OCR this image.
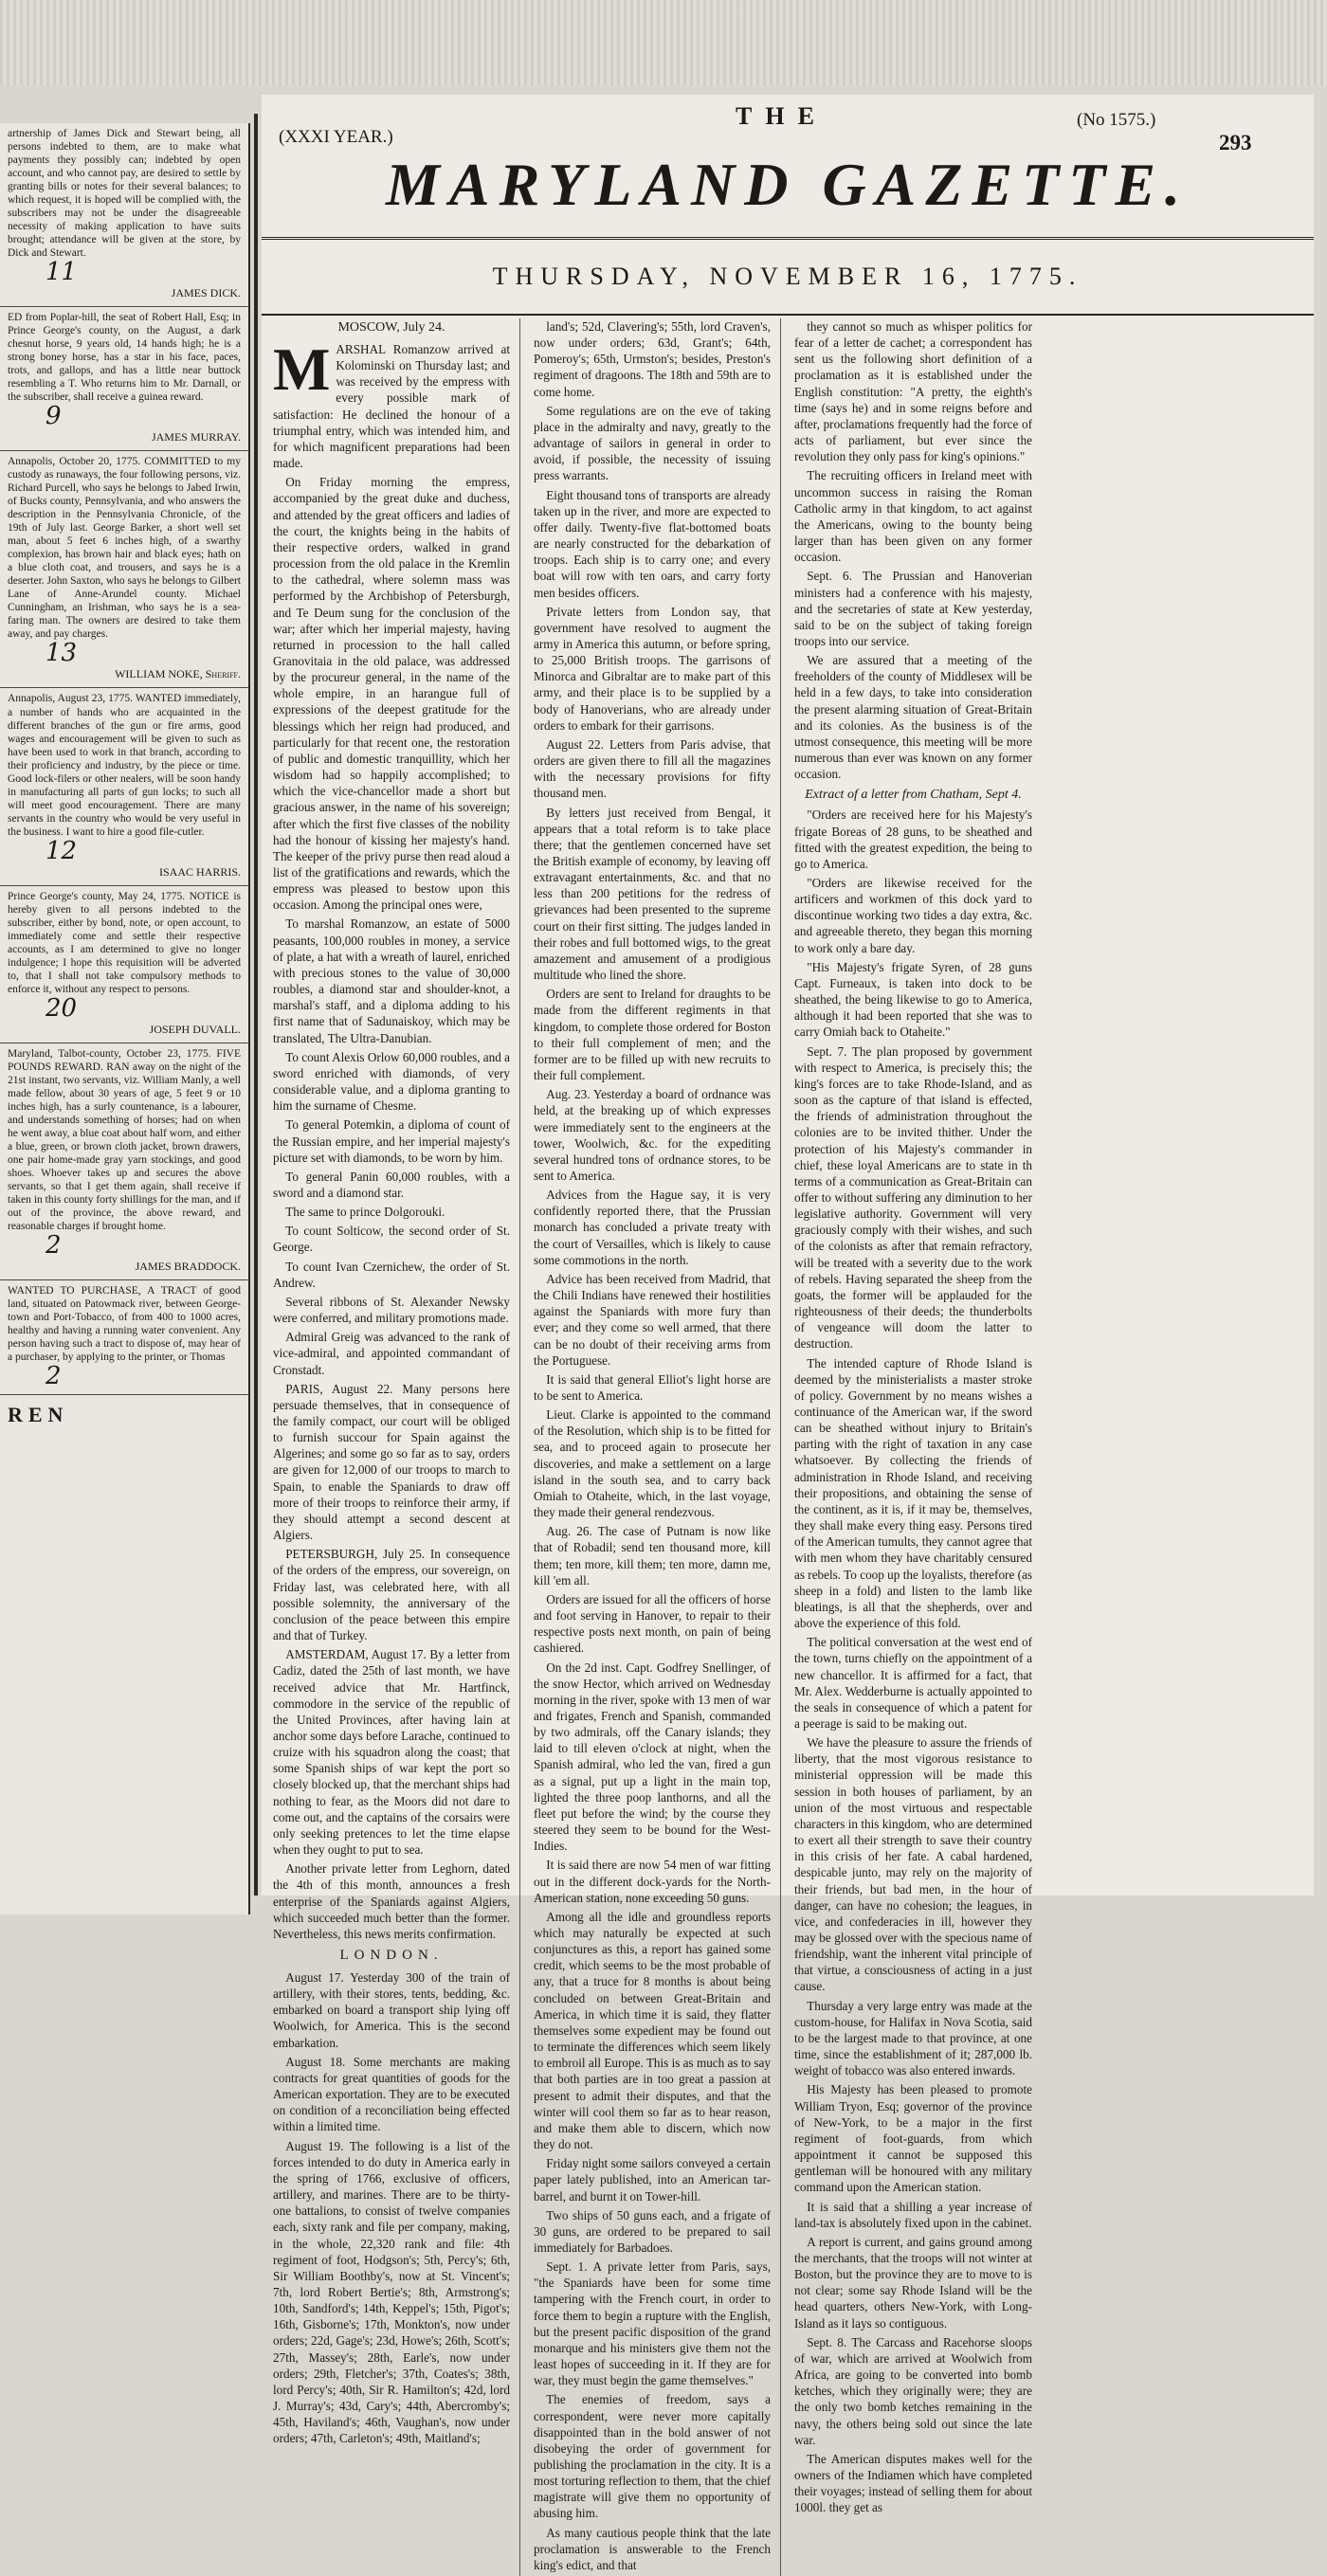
artnership of James Dick and Stewart being, all persons indebted to them, are to make what payments they possibly can; indebted by open account, and who cannot pay, are desired to settle by granting bills or notes for their several balances; to which request, it is hoped will be complied with, the subscribers may not be under the disagreeable necessity of making application to have suits brought; attendance will be given at the store, by Dick and Stewart.

11

JAMES DICK.

ED from Poplar-hill, the seat of Robert Hall, Esq; in Prince George's county, on the August, a dark chesnut horse, 9 years old, 14 hands high; he is a strong boney horse, has a star in his face, paces, trots, and gallops, and has a little near buttock resembling a T. Who returns him to Mr. Darnall, or the subscriber, shall receive a guinea reward.

9

JAMES MURRAY.

Annapolis, October 20, 1775. COMMITTED to my custody as runaways, the four following persons, viz. Richard Purcell, who says he belongs to Jabed Irwin, of Bucks county, Pennsylvania, and who answers the description in the Pennsylvania Chronicle, of the 19th of July last. George Barker, a short well set man, about 5 feet 6 inches high, of a swarthy complexion, has brown hair and black eyes; hath on a blue cloth coat, and trousers, and says he is a deserter. John Saxton, who says he belongs to Gilbert Lane of Anne-Arundel county. Michael Cunningham, an Irishman, who says he is a sea-faring man. The owners are desired to take them away, and pay charges.

13

WILLIAM NOKE, Sheriff.

Annapolis, August 23, 1775. WANTED immediately, a number of hands who are acquainted in the different branches of the gun or fire arms, good wages and encouragement will be given to such as have been used to work in that branch, according to their proficiency and industry, by the piece or time. Good lock-filers or other nealers, will be soon handy in manufacturing all parts of gun locks; to such all will meet good encouragement. There are many servants in the country who would be very useful in the business. I want to hire a good file-cutler.

12

ISAAC HARRIS.

Prince George's county, May 24, 1775. NOTICE is hereby given to all persons indebted to the subscriber, either by bond, note, or open account, to immediately come and settle their respective accounts, as I am determined to give no longer indulgence; I hope this requisition will be adverted to, that I shall not take compulsory methods to enforce it, without any respect to persons.

20

JOSEPH DUVALL.

Maryland, Talbot-county, October 23, 1775. FIVE POUNDS REWARD. RAN away on the night of the 21st instant, two servants, viz. William Manly, a well made fellow, about 30 years of age, 5 feet 9 or 10 inches high, has a surly countenance, is a labourer, and understands something of horses; had on when he went away, a blue coat about half worn, and either a blue, green, or brown cloth jacket, brown drawers, one pair home-made gray yarn stockings, and good shoes. Whoever takes up and secures the above servants, so that I get them again, shall receive if taken in this county forty shillings for the man, and if out of the province, the above reward, and reasonable charges if brought home.

2

JAMES BRADDOCK.

WANTED TO PURCHASE, A TRACT of good land, situated on Patowmack river, between George-town and Port-Tobacco, of from 400 to 1000 acres, healthy and having a running water convenient. Any person having such a tract to dispose of, may hear of a purchaser, by applying to the printer, or Thomas

2

REN
(XXXI YEAR.)
THE	(No 1575.)
293
MARYLAND GAZETTE.
THURSDAY, NOVEMBER 16, 1775.
MOSCOW, July 24.

MARSHAL Romanzow arrived at Kolominski on Thursday last; and was received by the empress with every possible mark of satisfaction: He declined the honour of a triumphal entry, which was intended him, and for which magnificent preparations had been made.

On Friday morning the empress, accompanied by the great duke and duchess, and attended by the great officers and ladies of the court, the knights being in the habits of their respective orders, walked in grand procession from the old palace in the Kremlin to the cathedral, where solemn mass was performed by the Archbishop of Petersburgh, and Te Deum sung for the conclusion of the war; after which her imperial majesty, having returned in procession to the hall called Granovitaia in the old palace, was addressed by the procureur general, in the name of the whole empire, in an harangue full of expressions of the deepest gratitude for the blessings which her reign had produced, and particularly for that recent one, the restoration of public and domestic tranquillity, which her wisdom had so happily accomplished; to which the vice-chancellor made a short but gracious answer, in the name of his sovereign; after which the first five classes of the nobility had the honour of kissing her majesty's hand. The keeper of the privy purse then read aloud a list of the gratifications and rewards, which the empress was pleased to bestow upon this occasion. Among the principal ones were,

To marshal Romanzow, an estate of 5000 peasants, 100,000 roubles in money, a service of plate, a hat with a wreath of laurel, enriched with precious stones to the value of 30,000 roubles, a diamond star and shoulder-knot, a marshal's staff, and a diploma adding to his first name that of Sadunaiskoy, which may be translated, The Ultra-Danubian.

To count Alexis Orlow 60,000 roubles, and a sword enriched with diamonds, of very considerable value, and a diploma granting to him the surname of Chesme.

To general Potemkin, a diploma of count of the Russian empire, and her imperial majesty's picture set with diamonds, to be worn by him.

To general Panin 60,000 roubles, with a sword and a diamond star.

The same to prince Dolgorouki.

To count Solticow, the second order of St. George.

To count Ivan Czernichew, the order of St. Andrew.

Several ribbons of St. Alexander Newsky were conferred, and military promotions made.

Admiral Greig was advanced to the rank of vice-admiral, and appointed commandant of Cronstadt.

PARIS, August 22. Many persons here persuade themselves, that in consequence of the family compact, our court will be obliged to furnish succour for Spain against the Algerines; and some go so far as to say, orders are given for 12,000 of our troops to march to Spain, to enable the Spaniards to draw off more of their troops to reinforce their army, if they should attempt a second descent at Algiers.

PETERSBURGH, July 25. In consequence of the orders of the empress, our sovereign, on Friday last, was celebrated here, with all possible solemnity, the anniversary of the conclusion of the peace between this empire and that of Turkey.

AMSTERDAM, August 17. By a letter from Cadiz, dated the 25th of last month, we have received advice that Mr. Hartfinck, commodore in the service of the republic of the United Provinces, after having lain at anchor some days before Larache, continued to cruize with his squadron along the coast; that some Spanish ships of war kept the port so closely blocked up, that the merchant ships had nothing to fear, as the Moors did not dare to come out, and the captains of the corsairs were only seeking pretences to let the time elapse when they ought to put to sea.

Another private letter from Leghorn, dated the 4th of this month, announces a fresh enterprise of the Spaniards against Algiers, which succeeded much better than the former. Nevertheless, this news merits confirmation.

LONDON.

August 17. Yesterday 300 of the train of artillery, with their stores, tents, bedding, &c. embarked on board a transport ship lying off Woolwich, for America. This is the second embarkation.

August 18. Some merchants are making contracts for great quantities of goods for the American exportation. They are to be executed on condition of a reconciliation being effected within a limited time.

August 19. The following is a list of the forces intended to do duty in America early in the spring of 1766, exclusive of officers, artillery, and marines. There are to be thirty-one battalions, to consist of twelve companies each, sixty rank and file per company, making, in the whole, 22,320 rank and file: 4th regiment of foot, Hodgson's; 5th, Percy's; 6th, Sir William Boothby's, now at St. Vincent's; 7th, lord Robert Bertie's; 8th, Armstrong's; 10th, Sandford's; 14th, Keppel's; 15th, Pigot's; 16th, Gisborne's; 17th, Monkton's, now under orders; 22d, Gage's; 23d, Howe's; 26th, Scott's; 27th, Massey's; 28th, Earle's, now under orders; 29th, Fletcher's; 37th, Coates's; 38th, lord Percy's; 40th, Sir R. Hamilton's; 42d, lord J. Murray's; 43d, Cary's; 44th, Abercromby's; 45th, Haviland's; 46th, Vaughan's, now under orders; 47th, Carleton's; 49th, Maitland's;

land's; 52d, Clavering's; 55th, lord Craven's, now under orders; 63d, Grant's; 64th, Pomeroy's; 65th, Urmston's; besides, Preston's regiment of dragoons. The 18th and 59th are to come home.

Some regulations are on the eve of taking place in the admiralty and navy, greatly to the advantage of sailors in general in order to avoid, if possible, the necessity of issuing press warrants.

Eight thousand tons of transports are already taken up in the river, and more are expected to offer daily. Twenty-five flat-bottomed boats are nearly constructed for the debarkation of troops. Each ship is to carry one; and every boat will row with ten oars, and carry forty men besides officers.

Private letters from London say, that government have resolved to augment the army in America this autumn, or before spring, to 25,000 British troops. The garrisons of Minorca and Gibraltar are to make part of this army, and their place is to be supplied by a body of Hanoverians, who are already under orders to embark for their garrisons.

August 22. Letters from Paris advise, that orders are given there to fill all the magazines with the necessary provisions for fifty thousand men.

By letters just received from Bengal, it appears that a total reform is to take place there; that the gentlemen concerned have set the British example of economy, by leaving off extravagant entertainments, &c. and that no less than 200 petitions for the redress of grievances had been presented to the supreme court on their first sitting. The judges landed in their robes and full bottomed wigs, to the great amazement and amusement of a prodigious multitude who lined the shore.

Orders are sent to Ireland for draughts to be made from the different regiments in that kingdom, to complete those ordered for Boston to their full complement of men; and the former are to be filled up with new recruits to their full complement.

Aug. 23. Yesterday a board of ordnance was held, at the breaking up of which expresses were immediately sent to the engineers at the tower, Woolwich, &c. for the expediting several hundred tons of ordnance stores, to be sent to America.

Advices from the Hague say, it is very confidently reported there, that the Prussian monarch has concluded a private treaty with the court of Versailles, which is likely to cause some commotions in the north.

Advice has been received from Madrid, that the Chili Indians have renewed their hostilities against the Spaniards with more fury than ever; and they come so well armed, that there can be no doubt of their receiving arms from the Portuguese.

It is said that general Elliot's light horse are to be sent to America.

Lieut. Clarke is appointed to the command of the Resolution, which ship is to be fitted for sea, and to proceed again to prosecute her discoveries, and make a settlement on a large island in the south sea, and to carry back Omiah to Otaheite, which, in the last voyage, they made their general rendezvous.

Aug. 26. The case of Putnam is now like that of Robadil; send ten thousand more, kill them; ten more, kill them; ten more, damn me, kill 'em all.

Orders are issued for all the officers of horse and foot serving in Hanover, to repair to their respective posts next month, on pain of being cashiered.

On the 2d inst. Capt. Godfrey Snellinger, of the snow Hector, which arrived on Wednesday morning in the river, spoke with 13 men of war and frigates, French and Spanish, commanded by two admirals, off the Canary islands; they laid to till eleven o'clock at night, when the Spanish admiral, who led the van, fired a gun as a signal, put up a light in the main top, lighted the three poop lanthorns, and all the fleet put before the wind; by the course they steered they seem to be bound for the West-Indies.

It is said there are now 54 men of war fitting out in the different dock-yards for the North-American station, none exceeding 50 guns.

Among all the idle and groundless reports which may naturally be expected at such conjunctures as this, a report has gained some credit, which seems to be the most probable of any, that a truce for 8 months is about being concluded on between Great-Britain and America, in which time it is said, they flatter themselves some expedient may be found out to terminate the differences which seem likely to embroil all Europe. This is as much as to say that both parties are in too great a passion at present to admit their disputes, and that the winter will cool them so far as to hear reason, and make them able to discern, which now they do not.

Friday night some sailors conveyed a certain paper lately published, into an American tar-barrel, and burnt it on Tower-hill.

Two ships of 50 guns each, and a frigate of 30 guns, are ordered to be prepared to sail immediately for Barbadoes.

Sept. 1. A private letter from Paris, says, "the Spaniards have been for some time tampering with the French court, in order to force them to begin a rupture with the English, but the present pacific disposition of the grand monarque and his ministers give them not the least hopes of succeeding in it. If they are for war, they must begin the game themselves."

The enemies of freedom, says a correspondent, were never more capitally disappointed than in the bold answer of not disobeying the order of government for publishing the proclamation in the city. It is a most torturing reflection to them, that the chief magistrate will give them no opportunity of abusing him.

As many cautious people think that the late proclamation is answerable to the French king's edict, and that

they cannot so much as whisper politics for fear of a letter de cachet; a correspondent has sent us the following short definition of a proclamation as it is established under the English constitution: "A pretty, the eighth's time (says he) and in some reigns before and after, proclamations frequently had the force of acts of parliament, but ever since the revolution they only pass for king's opinions."

The recruiting officers in Ireland meet with uncommon success in raising the Roman Catholic army in that kingdom, to act against the Americans, owing to the bounty being larger than has been given on any former occasion.

Sept. 6. The Prussian and Hanoverian ministers had a conference with his majesty, and the secretaries of state at Kew yesterday, said to be on the subject of taking foreign troops into our service.

We are assured that a meeting of the freeholders of the county of Middlesex will be held in a few days, to take into consideration the present alarming situation of Great-Britain and its colonies. As the business is of the utmost consequence, this meeting will be more numerous than ever was known on any former occasion.

Extract of a letter from Chatham, Sept 4.

"Orders are received here for his Majesty's frigate Boreas of 28 guns, to be sheathed and fitted with the greatest expedition, the being to go to America.

"Orders are likewise received for the artificers and workmen of this dock yard to discontinue working two tides a day extra, &c. and agreeable thereto, they began this morning to work only a bare day.

"His Majesty's frigate Syren, of 28 guns Capt. Furneaux, is taken into dock to be sheathed, the being likewise to go to America, although it had been reported that she was to carry Omiah back to Otaheite."

Sept. 7. The plan proposed by government with respect to America, is precisely this; the king's forces are to take Rhode-Island, and as soon as the capture of that island is effected, the friends of administration throughout the colonies are to be invited thither. Under the protection of his Majesty's commander in chief, these loyal Americans are to state in th terms of a communication as Great-Britain can offer to without suffering any diminution to her legislative authority. Government will very graciously comply with their wishes, and such of the colonists as after that remain refractory, will be treated with a severity due to the work of rebels. Having separated the sheep from the goats, the former will be applauded for the righteousness of their deeds; the thunderbolts of vengeance will doom the latter to destruction.

The intended capture of Rhode Island is deemed by the ministerialists a master stroke of policy. Government by no means wishes a continuance of the American war, if the sword can be sheathed without injury to Britain's parting with the right of taxation in any case whatsoever. By collecting the friends of administration in Rhode Island, and receiving their propositions, and obtaining the sense of the continent, as it is, if it may be, themselves, they shall make every thing easy. Persons tired of the American tumults, they cannot agree that with men whom they have charitably censured as rebels. To coop up the loyalists, therefore (as sheep in a fold) and listen to the lamb like bleatings, is all that the shepherds, over and above the experience of this fold.

The political conversation at the west end of the town, turns chiefly on the appointment of a new chancellor. It is affirmed for a fact, that Mr. Alex. Wedderburne is actually appointed to the seals in consequence of which a patent for a peerage is said to be making out.

We have the pleasure to assure the friends of liberty, that the most vigorous resistance to ministerial oppression will be made this session in both houses of parliament, by an union of the most virtuous and respectable characters in this kingdom, who are determined to exert all their strength to save their country in this crisis of her fate. A cabal hardened, despicable junto, may rely on the majority of their friends, but bad men, in the hour of danger, can have no cohesion; the leagues, in vice, and confederacies in ill, however they may be glossed over with the specious name of friendship, want the inherent vital principle of that virtue, a consciousness of acting in a just cause.

Thursday a very large entry was made at the custom-house, for Halifax in Nova Scotia, said to be the largest made to that province, at one time, since the establishment of it; 287,000 lb. weight of tobacco was also entered inwards.

His Majesty has been pleased to promote William Tryon, Esq; governor of the province of New-York, to be a major in the first regiment of foot-guards, from which appointment it cannot be supposed this gentleman will be honoured with any military command upon the American station.

It is said that a shilling a year increase of land-tax is absolutely fixed upon in the cabinet.

A report is current, and gains ground among the merchants, that the troops will not winter at Boston, but the province they are to move to is not clear; some say Rhode Island will be the head quarters, others New-York, with Long-Island as it lays so contiguous.

Sept. 8. The Carcass and Racehorse sloops of war, which are arrived at Woolwich from Africa, are going to be converted into bomb ketches, which they originally were; they are the only two bomb ketches remaining in the navy, the others being sold out since the late war.

The American disputes makes well for the owners of the Indiamen which have completed their voyages; instead of selling them for about 1000l. they get as
